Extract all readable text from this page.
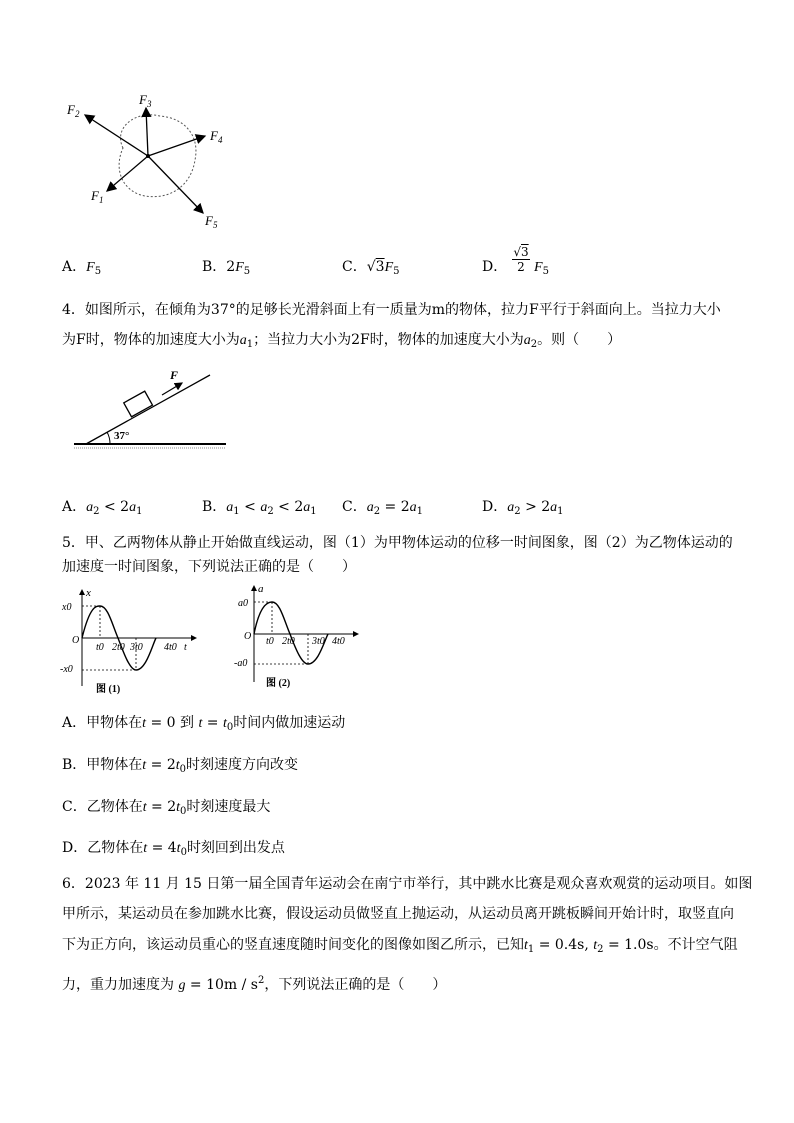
$F_2$
$F_3$
$F_4$
$F_1$
$F_5$
A．$F_5$	B．$2F_5$	C．$√3F_5$	D．
√3
2 $F_5$
4．如图所示，在倾角为37°的足够长光滑斜面上有一质量为m的物体，拉力F平行于斜面向上。当拉力大小
为F时，物体的加速度大小为$a_1$；当拉力大小为2F时，物体的加速度大小为$a_2$。则（　　）
F
37°
A．$a_2 < 2a_1$	B．$a_1 < a_2 < 2a_1$ C．$a_2 = 2a_1$	D．$a_2 > 2a_1$
5．甲、乙两物体从静止开始做直线运动，图（1）为甲物体运动的位移一时间图象，图（2）为乙物体运动的
加速度一时间图象，下列说法正确的是（　　）
x
x0
O
-x0
t0 2t0 3t0 4t0 t
图 (1)
a
a0
O
-a0
t0 2t0 3t0 4t0
图 (2)
A．甲物体在t = 0 到 $t = t_0$时间内做加速运动
B．甲物体在$t = 2t_0$时刻速度方向改变
C．乙物体在$t = 2t_0$时刻速度最大
D．乙物体在$t = 4t_0$时刻回到出发点
6．2023 年 11 月 15 日第一届全国青年运动会在南宁市举行，其中跳水比赛是观众喜欢观赏的运动项目。如图
甲所示，某运动员在参加跳水比赛，假设运动员做竖直上抛运动，从运动员离开跳板瞬间开始计时，取竖直向
下为正方向，该运动员重心的竖直速度随时间变化的图像如图乙所示，已知$t_1 = 0.4s$, $t_2 = 1.0s$。不计空气阻
力，重力加速度为 $g = 10m / s^2$，下列说法正确的是（　　）
